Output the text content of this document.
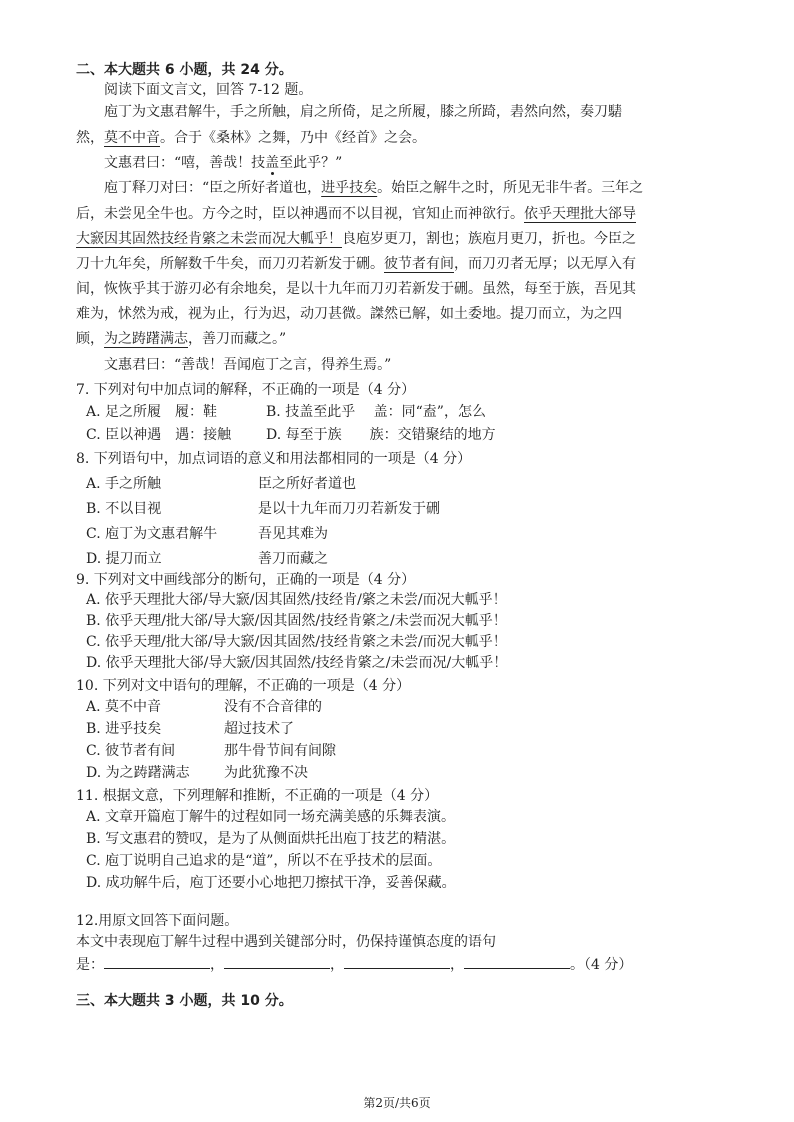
二、本大题共 6 小题，共 24 分。
阅读下面文言文，回答 7-12 题。
庖丁为文惠君解牛，手之所触，肩之所倚，足之所履，膝之所踦，砉然向然，奏刀騞
然，莫不中音。合于《桑林》之舞，乃中《经首》之会。
文惠君曰：“嘻，善哉！技盖至此乎？”
庖丁释刀对曰：“臣之所好者道也，进乎技矣。始臣之解牛之时，所见无非牛者。三年之
后，未尝见全牛也。方今之时，臣以神遇而不以目视，官知止而神欲行。依乎天理批大郤导
大窾因其固然技经肯綮之未尝而况大軱乎！良庖岁更刀，割也；族庖月更刀，折也。今臣之
刀十九年矣，所解数千牛矣，而刀刃若新发于硎。彼节者有间，而刀刃者无厚；以无厚入有
间，恢恢乎其于游刃必有余地矣，是以十九年而刀刃若新发于硎。虽然，每至于族，吾见其
难为，怵然为戒，视为止，行为迟，动刀甚微。謋然已解，如土委地。提刀而立，为之四
顾，为之踌躇满志，善刀而藏之。”
文惠君曰：“善哉！吾闻庖丁之言，得养生焉。”
7. 下列对句中加点词的解释，不正确的一项是（4 分）
A. 足之所履　履：鞋	B. 技盖至此乎　 盖：同“盍”，怎么
C. 臣以神遇　遇：接触 D. 每至于族　　族：交错聚结的地方
8. 下列语句中，加点词语的意义和用法都相同的一项是（4 分）
A. 手之所触	臣之所好者道也
B. 不以目视	是以十九年而刀刃若新发于硎
C. 庖丁为文惠君解牛	吾见其难为
D. 提刀而立	善刀而藏之
9. 下列对文中画线部分的断句，正确的一项是（4 分）
A. 依乎天理批大郤/导大窾/因其固然/技经肯/綮之未尝/而况大軱乎！
B. 依乎天理/批大郤/导大窾/因其固然/技经肯綮之/未尝而况大軱乎！
C. 依乎天理/批大郤/导大窾/因其固然/技经肯綮之未尝/而况大軱乎！
D. 依乎天理批大郤/导大窾/因其固然/技经肯綮之/未尝而况/大軱乎！
10. 下列对文中语句的理解，不正确的一项是（4 分）
A. 莫不中音	没有不合音律的
B. 进乎技矣	超过技术了
C. 彼节者有间	那牛骨节间有间隙
D. 为之踌躇满志 为此犹豫不决
11. 根据文意，下列理解和推断，不正确的一项是（4 分）
A. 文章开篇庖丁解牛的过程如同一场充满美感的乐舞表演。
B. 写文惠君的赞叹，是为了从侧面烘托出庖丁技艺的精湛。
C. 庖丁说明自己追求的是“道”，所以不在乎技术的层面。
D. 成功解牛后，庖丁还要小心地把刀擦拭干净，妥善保藏。
12.用原文回答下面问题。
本文中表现庖丁解牛过程中遇到关键部分时，仍保持谨慎态度的语句
是：	，	，	，	。（4 分）
三、本大题共 3 小题，共 10 分。
第2页/共6页
